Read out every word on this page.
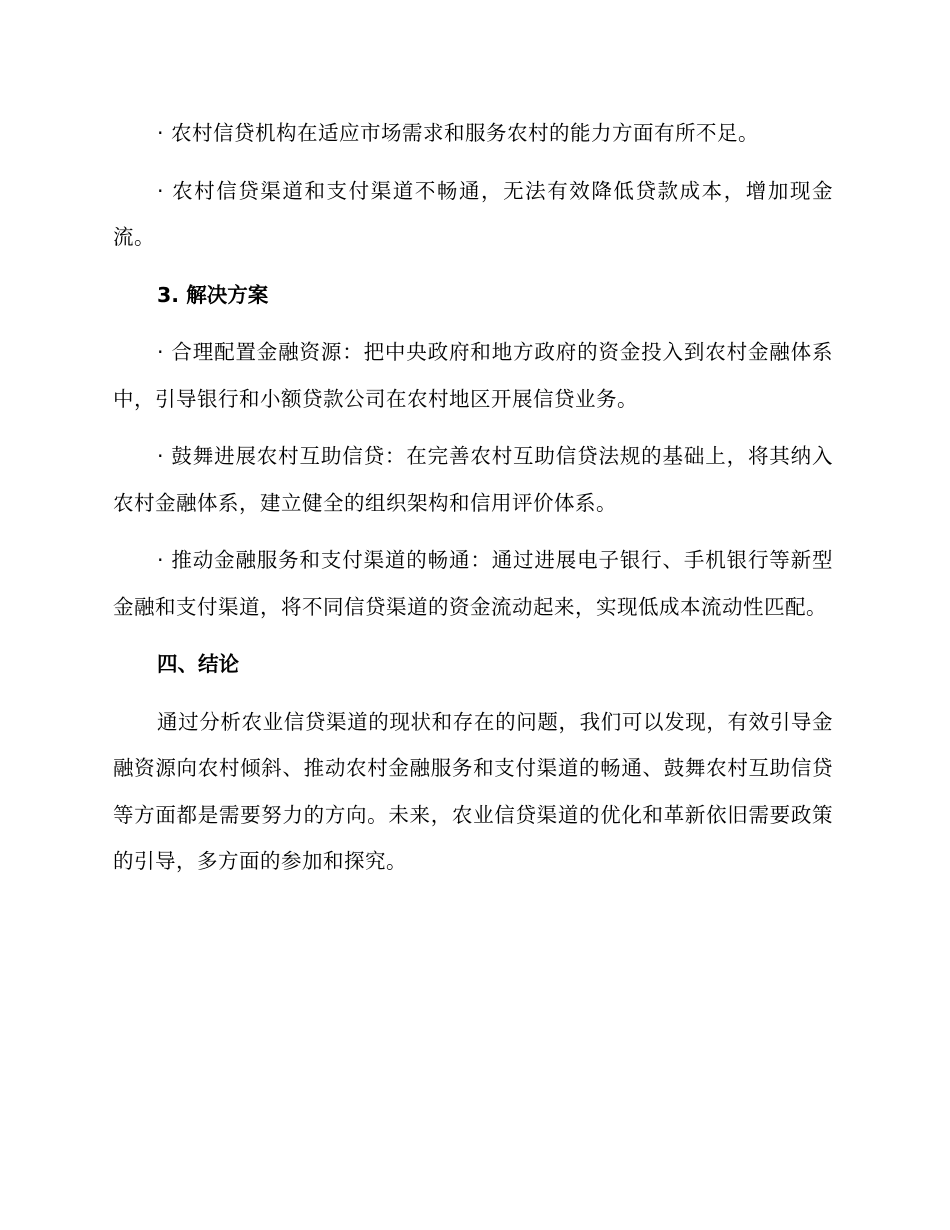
· 农村信贷机构在适应市场需求和服务农村的能力方面有所不足。

· 农村信贷渠道和支付渠道不畅通，无法有效降低贷款成本，增加现金流。

3. 解决方案

· 合理配置金融资源：把中央政府和地方政府的资金投入到农村金融体系中，引导银行和小额贷款公司在农村地区开展信贷业务。

· 鼓舞进展农村互助信贷：在完善农村互助信贷法规的基础上，将其纳入农村金融体系，建立健全的组织架构和信用评价体系。

· 推动金融服务和支付渠道的畅通：通过进展电子银行、手机银行等新型金融和支付渠道，将不同信贷渠道的资金流动起来，实现低成本流动性匹配。

四、结论

通过分析农业信贷渠道的现状和存在的问题，我们可以发现，有效引导金融资源向农村倾斜、推动农村金融服务和支付渠道的畅通、鼓舞农村互助信贷等方面都是需要努力的方向。未来，农业信贷渠道的优化和革新依旧需要政策的引导，多方面的参加和探究。
